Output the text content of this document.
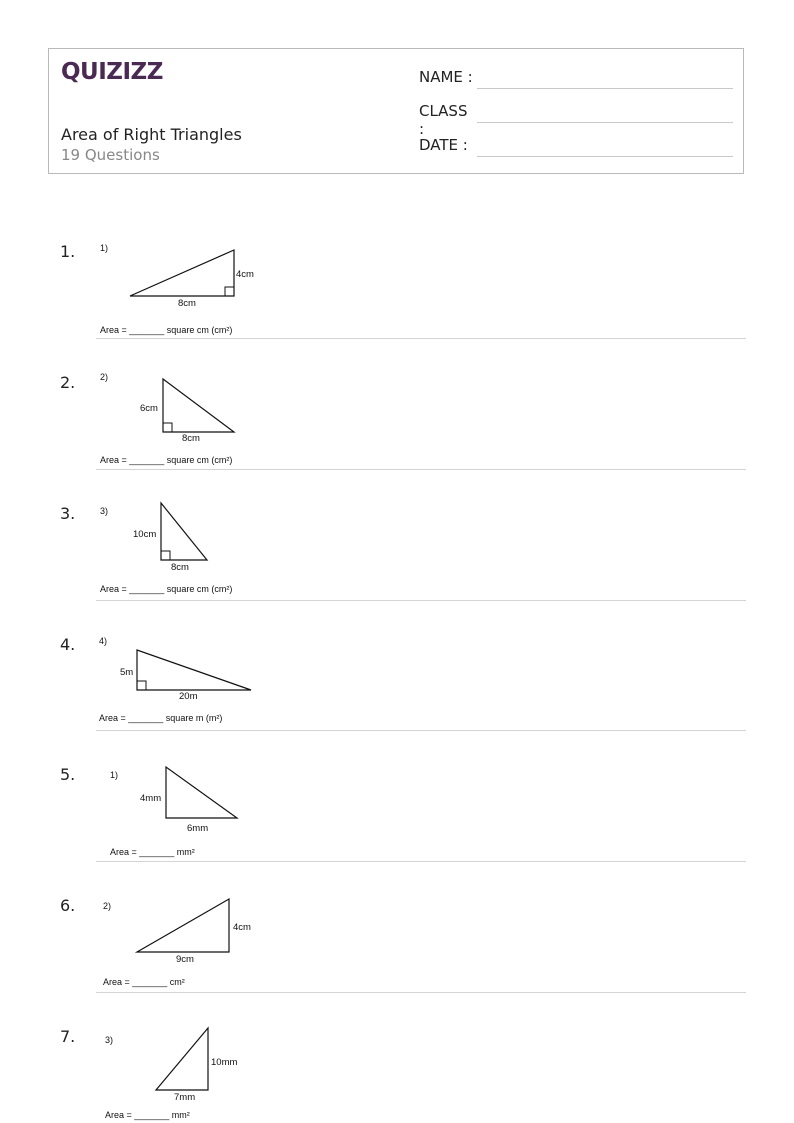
QUIZIZZ
Area of Right Triangles
19 Questions
NAME :
CLASS :
DATE :
1.	1)
4cm
8cm
Area = _______ square cm (cm²)
2.	2)
6cm
8cm
Area = _______ square cm (cm²)
3.	3)
10cm
8cm
Area = _______ square cm (cm²)
4.	4)
5m
20m
Area = _______ square m (m²)
5.	1)
4mm
6mm
Area = _______ mm²
6.	2)
4cm
9cm
Area = _______ cm²
7.	3)
10mm
7mm
Area = _______ mm²
